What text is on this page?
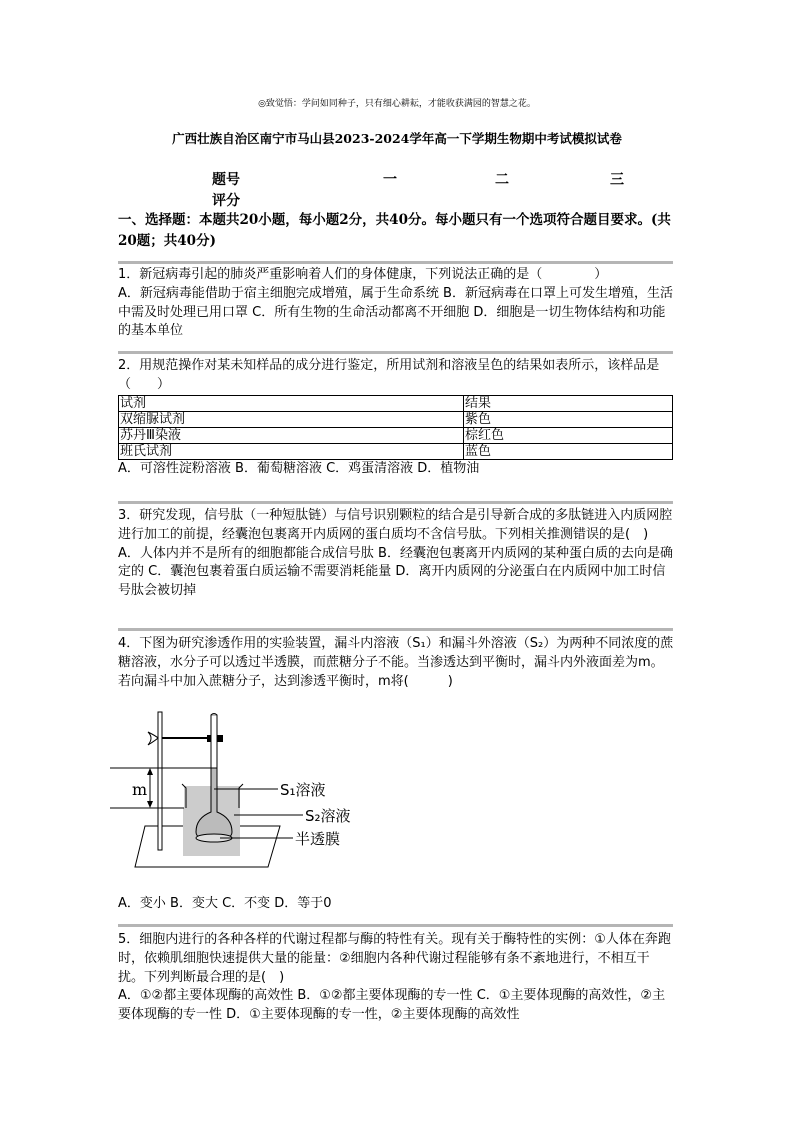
◎致觉悟：学问如同种子，只有细心耕耘，才能收获满园的智慧之花。
广西壮族自治区南宁市马山县2023-2024学年高一下学期生物期中考试模拟试卷
题号	一	二	三
评分
一、选择题：本题共20小题，每小题2分，共40分。每小题只有一个选项符合题目要求。(共20题；共40分)
1．新冠病毒引起的肺炎严重影响着人们的身体健康，下列说法正确的是（　　　　）
A．新冠病毒能借助于宿主细胞完成增殖，属于生命系统 B．新冠病毒在口罩上可发生增殖，生活中需及时处理已用口罩 C．所有生物的生命活动都离不开细胞 D．细胞是一切生物体结构和功能的基本单位
2．用规范操作对某未知样品的成分进行鉴定，所用试剂和溶液呈色的结果如表所示，该样品是（　　）
试剂	结果
双缩脲试剂	紫色
苏丹Ⅲ染液	棕红色
班氏试剂	蓝色
A．可溶性淀粉溶液 B．葡萄糖溶液 C．鸡蛋清溶液 D．植物油
3．研究发现，信号肽（一种短肽链）与信号识别颗粒的结合是引导新合成的多肽链进入内质网腔进行加工的前提，经囊泡包裹离开内质网的蛋白质均不含信号肽。下列相关推测错误的是(　)
A．人体内并不是所有的细胞都能合成信号肽 B．经囊泡包裹离开内质网的某种蛋白质的去向是确定的 C．囊泡包裹着蛋白质运输不需要消耗能量 D．离开内质网的分泌蛋白在内质网中加工时信号肽会被切掉
4．下图为研究渗透作用的实验装置，漏斗内溶液（S₁）和漏斗外溶液（S₂）为两种不同浓度的蔗糖溶液，水分子可以透过半透膜，而蔗糖分子不能。当渗透达到平衡时，漏斗内外液面差为m。若向漏斗中加入蔗糖分子，达到渗透平衡时，m将(　　　)
m	S₁溶液
S₂溶液
半透膜
A．变小 B．变大 C．不变 D．等于0
5．细胞内进行的各种各样的代谢过程都与酶的特性有关。现有关于酶特性的实例：①人体在奔跑时，依赖肌细胞快速提供大量的能量：②细胞内各种代谢过程能够有条不紊地进行，不相互干扰。下列判断最合理的是(　)
A．①②都主要体现酶的高效性 B．①②都主要体现酶的专一性 C．①主要体现酶的高效性，②主要体现酶的专一性 D．①主要体现酶的专一性，②主要体现酶的高效性
